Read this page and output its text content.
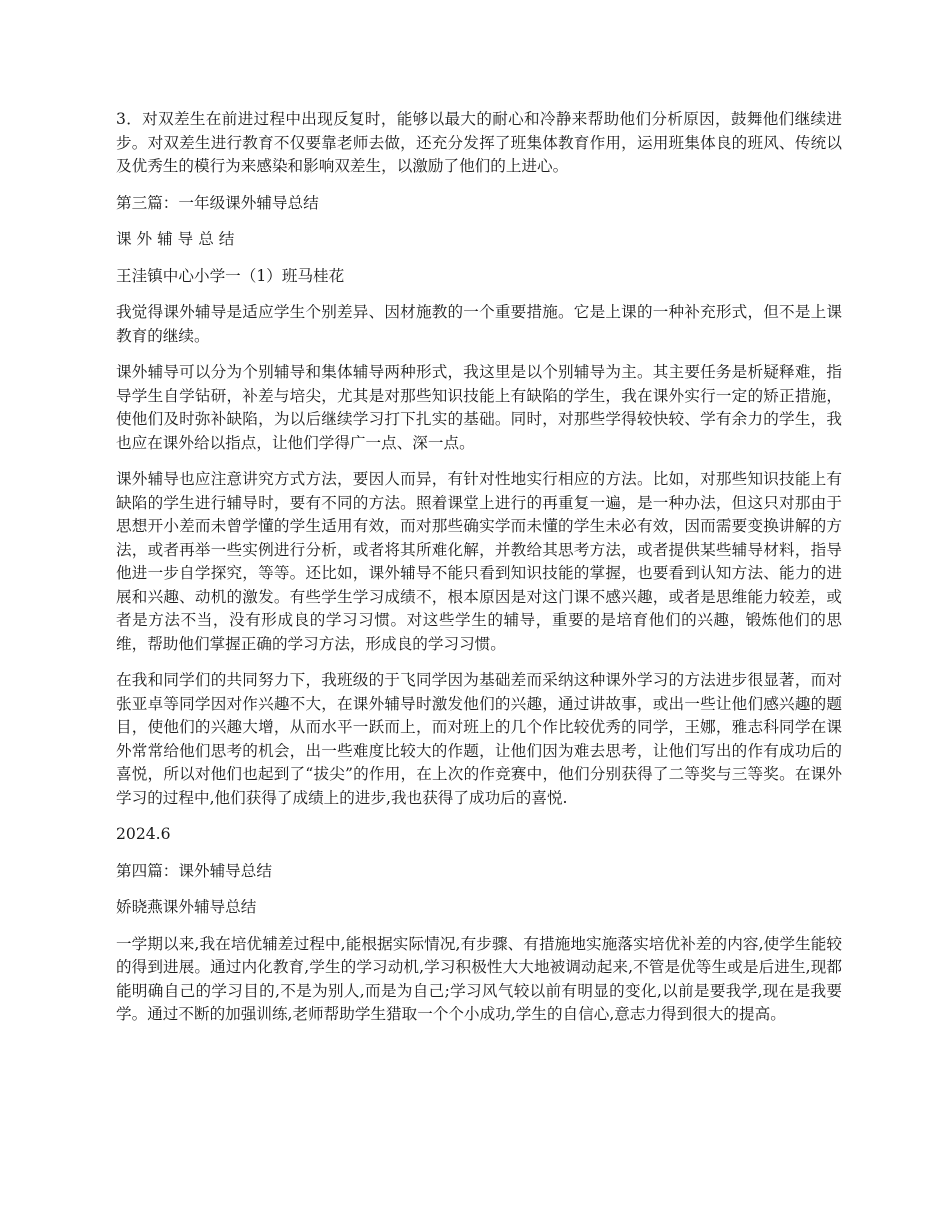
3．对双差生在前进过程中出现反复时，能够以最大的耐心和冷静来帮助他们分析原因，鼓舞他们继续进步。对双差生进行教育不仅要靠老师去做，还充分发挥了班集体教育作用，运用班集体良的班风、传统以及优秀生的模行为来感染和影响双差生，以激励了他们的上进心。

第三篇：一年级课外辅导总结

课 外 辅 导 总 结

王洼镇中心小学一（1）班马桂花

我觉得课外辅导是适应学生个别差异、因材施教的一个重要措施。它是上课的一种补充形式，但不是上课教育的继续。

课外辅导可以分为个别辅导和集体辅导两种形式，我这里是以个别辅导为主。其主要任务是析疑释难，指导学生自学钻研，补差与培尖，尤其是对那些知识技能上有缺陷的学生，我在课外实行一定的矫正措施，使他们及时弥补缺陷，为以后继续学习打下扎实的基础。同时，对那些学得较快较、学有余力的学生，我也应在课外给以指点，让他们学得广一点、深一点。

课外辅导也应注意讲究方式方法，要因人而异，有针对性地实行相应的方法。比如，对那些知识技能上有缺陷的学生进行辅导时，要有不同的方法。照着课堂上进行的再重复一遍，是一种办法，但这只对那由于思想开小差而未曾学懂的学生适用有效，而对那些确实学而未懂的学生未必有效，因而需要变换讲解的方法，或者再举一些实例进行分析，或者将其所难化解，并教给其思考方法，或者提供某些辅导材料，指导他进一步自学探究，等等。还比如，课外辅导不能只看到知识技能的掌握，也要看到认知方法、能力的进展和兴趣、动机的激发。有些学生学习成绩不，根本原因是对这门课不感兴趣，或者是思维能力较差，或者是方法不当，没有形成良的学习习惯。对这些学生的辅导，重要的是培育他们的兴趣，锻炼他们的思维，帮助他们掌握正确的学习方法，形成良的学习习惯。

在我和同学们的共同努力下，我班级的于飞同学因为基础差而采纳这种课外学习的方法进步很显著，而对张亚卓等同学因对作兴趣不大，在课外辅导时激发他们的兴趣，通过讲故事，或出一些让他们感兴趣的题目，使他们的兴趣大增，从而水平一跃而上，而对班上的几个作比较优秀的同学，王娜，雅志科同学在课外常常给他们思考的机会，出一些难度比较大的作题，让他们因为难去思考，让他们写出的作有成功后的喜悦，所以对他们也起到了“拔尖”的作用，在上次的作竞赛中，他们分别获得了二等奖与三等奖。在课外学习的过程中,他们获得了成绩上的进步,我也获得了成功后的喜悦.

2024.6

第四篇：课外辅导总结

娇晓燕课外辅导总结

一学期以来,我在培优辅差过程中,能根据实际情况,有步骤、有措施地实施落实培优补差的内容,使学生能较的得到进展。通过内化教育,学生的学习动机,学习积极性大大地被调动起来,不管是优等生或是后进生,现都能明确自己的学习目的,不是为别人,而是为自己;学习风气较以前有明显的变化,以前是要我学,现在是我要学。通过不断的加强训练,老师帮助学生猎取一个个小成功,学生的自信心,意志力得到很大的提高。
